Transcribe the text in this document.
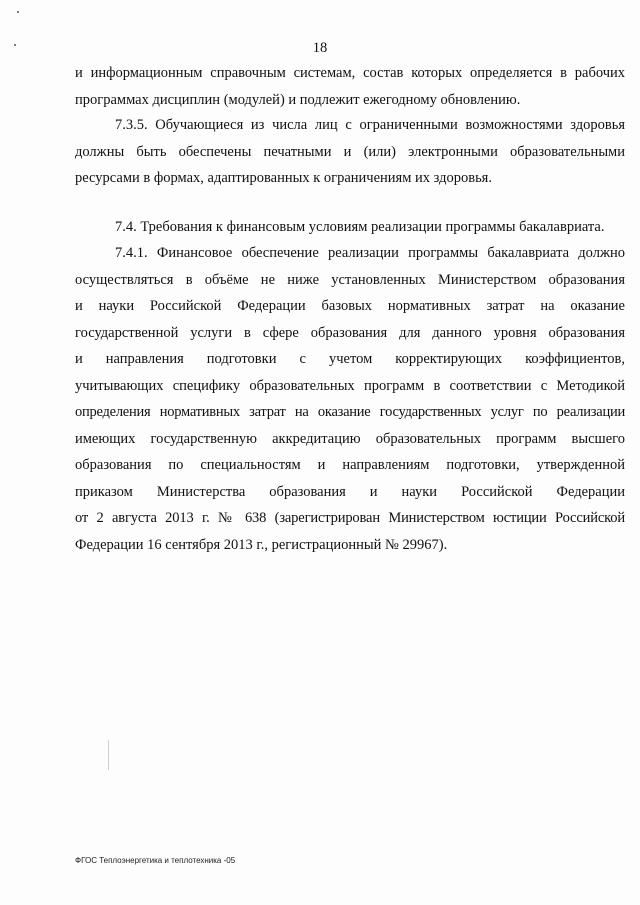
18
и информационным справочным системам, состав которых определяется в рабочих
программах дисциплин (модулей) и подлежит ежегодному обновлению.
7.3.5. Обучающиеся из числа лиц с ограниченными возможностями здоровья
должны быть обеспечены печатными и (или) электронными образовательными
ресурсами в формах, адаптированных к ограничениям их здоровья.
7.4. Требования к финансовым условиям реализации программы бакалавриата.
7.4.1. Финансовое обеспечение реализации программы бакалавриата должно
осуществляться в объёме не ниже установленных Министерством образования
и науки Российской Федерации базовых нормативных затрат на оказание
государственной услуги в сфере образования для данного уровня образования
и направления подготовки с учетом корректирующих коэффициентов,
учитывающих специфику образовательных программ в соответствии с Методикой
определения нормативных затрат на оказание государственных услуг по реализации
имеющих государственную аккредитацию образовательных программ высшего
образования по специальностям и направлениям подготовки, утвержденной
приказом Министерства образования и науки Российской Федерации
от 2 августа 2013 г. № 638 (зарегистрирован Министерством юстиции Российской
Федерации 16 сентября 2013 г., регистрационный № 29967).
ФГОС Теплоэнергетика и теплотехника -05
